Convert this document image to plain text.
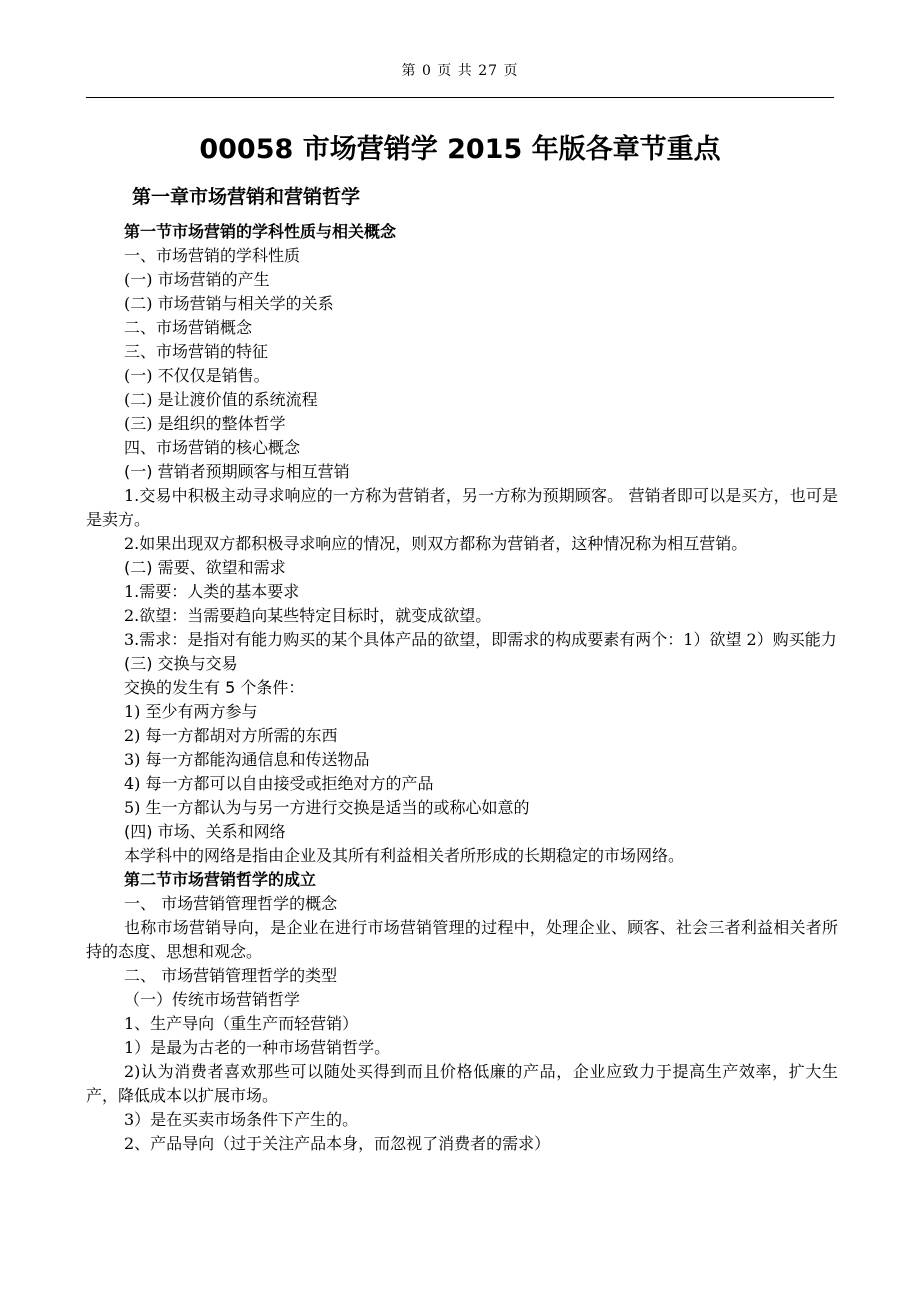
第 0 页 共 27 页
00058 市场营销学 2015 年版各章节重点
第一章市场营销和营销哲学
第一节市场营销的学科性质与相关概念
一、市场营销的学科性质
(一) 市场营销的产生
(二) 市场营销与相关学的关系
二、市场营销概念
三、市场营销的特征
(一) 不仅仅是销售。
(二) 是让渡价值的系统流程
(三) 是组织的整体哲学
四、市场营销的核心概念
(一) 营销者预期顾客与相互营销
1.交易中积极主动寻求响应的一方称为营销者，另一方称为预期顾客。 营销者即可以是买方，也可是是卖方。
2.如果出现双方都积极寻求响应的情况，则双方都称为营销者，这种情况称为相互营销。
(二) 需要、欲望和需求
1.需要：人类的基本要求
2.欲望：当需要趋向某些特定目标时，就变成欲望。
3.需求：是指对有能力购买的某个具体产品的欲望，即需求的构成要素有两个：1）欲望 2）购买能力
(三) 交换与交易
交换的发生有 5 个条件：
1) 至少有两方参与
2) 每一方都胡对方所需的东西
3) 每一方都能沟通信息和传送物品
4) 每一方都可以自由接受或拒绝对方的产品
5) 生一方都认为与另一方进行交换是适当的或称心如意的
(四) 市场、关系和网络
本学科中的网络是指由企业及其所有利益相关者所形成的长期稳定的市场网络。
第二节市场营销哲学的成立
一、 市场营销管理哲学的概念
也称市场营销导向，是企业在进行市场营销管理的过程中，处理企业、顾客、社会三者利益相关者所持的态度、思想和观念。
二、 市场营销管理哲学的类型
（一）传统市场营销哲学
1、生产导向（重生产而轻营销）
1）是最为古老的一种市场营销哲学。
2)认为消费者喜欢那些可以随处买得到而且价格低廉的产品，企业应致力于提高生产效率，扩大生产，降低成本以扩展市场。
3）是在买卖市场条件下产生的。
2、产品导向（过于关注产品本身，而忽视了消费者的需求）
